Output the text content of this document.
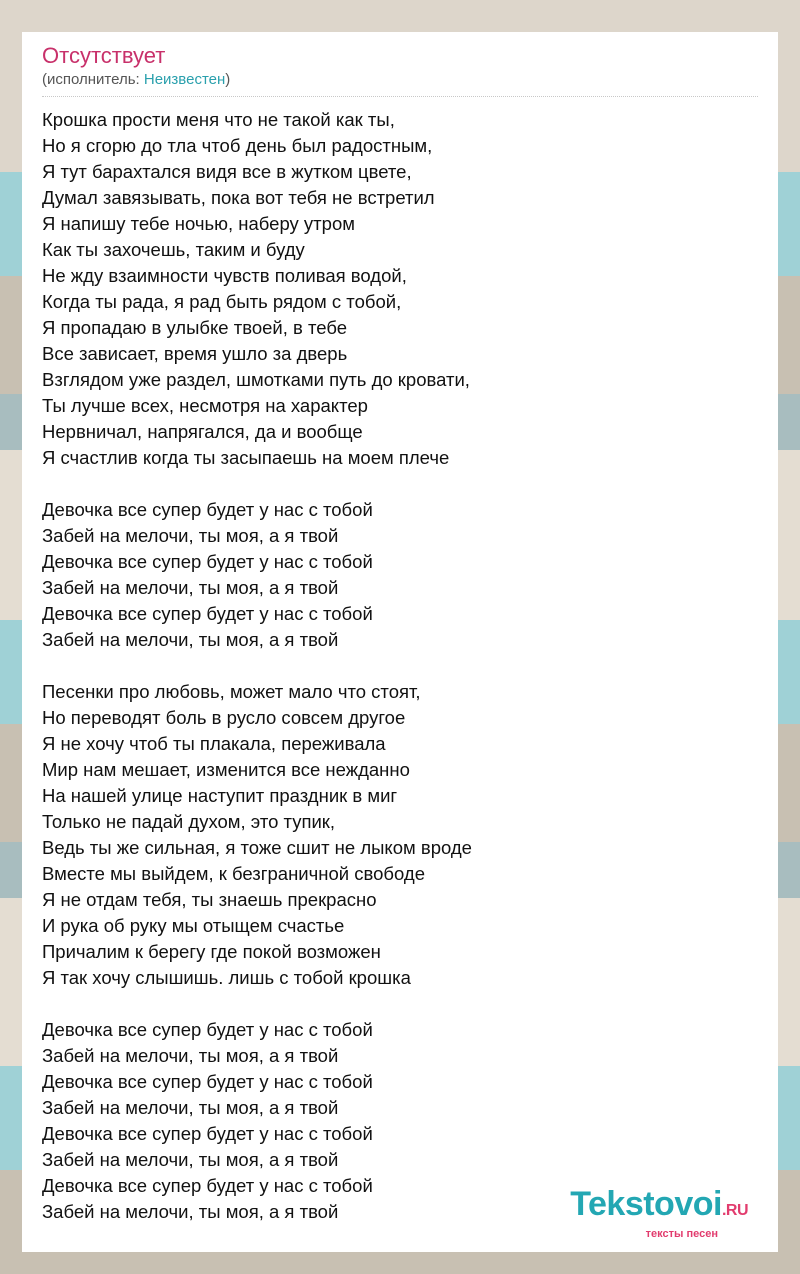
Отсутствует
(исполнитель: Неизвестен)
Крошка прости меня что не такой как ты,
Но я сгорю до тла чтоб день был радостным,
Я тут барахтался видя все в жутком цвете,
Думал завязывать, пока вот тебя не встретил
Я напишу тебе ночью, наберу утром
Как ты захочешь, таким и буду
Не жду взаимности чувств поливая водой,
Когда ты рада, я рад быть рядом с тобой,
Я пропадаю в улыбке твоей, в тебе
Все зависает, время ушло за дверь
Взглядом уже раздел, шмотками путь до кровати,
Ты лучше всех, несмотря на характер
Нервничал, напрягался, да и вообще
Я счастлив когда ты засыпаешь на моем плече
Девочка все супер будет у нас с тобой
Забей на мелочи, ты моя, а я твой
Девочка все супер будет у нас с тобой
Забей на мелочи, ты моя, а я твой
Девочка все супер будет у нас с тобой
Забей на мелочи, ты моя, а я твой
Песенки про любовь, может мало что стоят,
Но переводят боль в русло совсем другое
Я не хочу чтоб ты плакала, переживала
Мир нам мешает, изменится все нежданно
На нашей улице наступит праздник в миг
Только не падай духом, это тупик,
Ведь ты же сильная, я тоже сшит не лыком вроде
Вместе мы выйдем, к безграничной свободе
Я не отдам тебя, ты знаешь прекрасно
И рука об руку мы отыщем счастье
Причалим к берегу где покой возможен
Я так хочу слышишь. лишь с тобой крошка
Девочка все супер будет у нас с тобой
Забей на мелочи, ты моя, а я твой
Девочка все супер будет у нас с тобой
Забей на мелочи, ты моя, а я твой
Девочка все супер будет у нас с тобой
Забей на мелочи, ты моя, а я твой
Девочка все супер будет у нас с тобой
Забей на мелочи, ты моя, а я твой	Tekstovoi.RU
тексты песен
